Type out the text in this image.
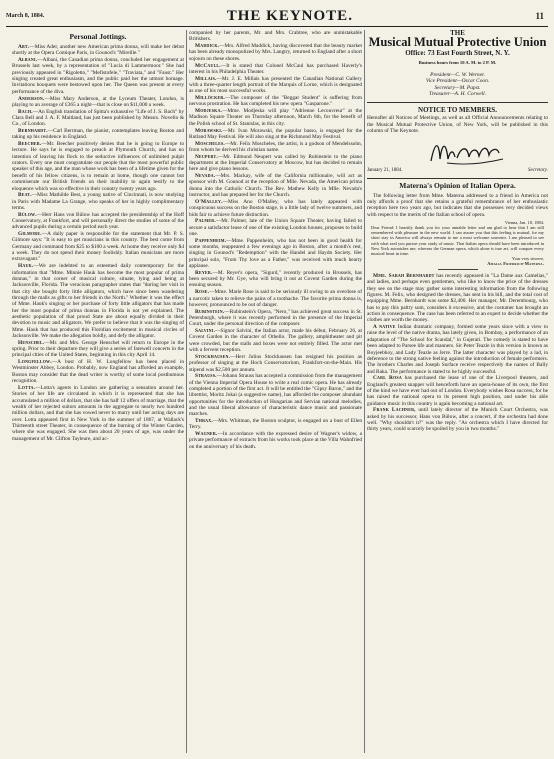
March 8, 1884.	THE KEYNOTE.	11
Personal Jottings.

Abt.—Miss Ader, another new American prima donna, will make her debut shortly at the Opera Comique Paris, in Gounod's "Mireille."

Albani.—Albani, the Canadian prima donna, concluded her engagement at Brussels last week, by a representation of "Lucia di Lammermoor." She had previously appeared in "Rigoletto," "Mefistofele," "Traviata," and "Faust." Her singing created great enthusiasm, and the public paid her the utmost homage. Invitations bouquets were bestowed upon her. The Queen was present at every performance of the diva.

Anderson.—Miss Mary Anderson, at the Lyceum Theater, London, is playing to an average of £365 a night—that is close on $11,000 a week.

Bach.—An English translation of Spitta's exhaustive "Life of J. S. Bach" by Clara Bell and J. A. F. Maitland, has just been published by Messrs. Novello & Co., of London.

Bernhardt.—Carl Berrman, the pianist, contemplates leaving Boston and taking up his residence in England.

Beecher.—Mr. Beecher positively denies that he is going to Europe to lecture. He says he is engaged to preach at Plymouth Church, and has no intention of leaving his flock to the seductive influences of unlimited pulpit orators. Every one must congratulate our people that the most powerful public speaker of this age, and the man whose work has been of a lifetime given for the benefit of his fellow citizens, is to remain at home, though one cannot but commiserate our British friends on their inability to again testify to the eloquence which was so effective in their country twenty years ago.

Beat.—Miss Mathilde Best, a young native of Cincinnati, is now studying in Paris with Madame La Grange, who speaks of her in highly complimentary terms.

Bülow.—Herr Hans von Bülow has accepted the presidentship of the Hoff Conservatory, at Frankfort, and will personally direct the studies of some of the advanced pupils during a certain period each year.

Gilmore.—A daily paper is responsible for the statement that Mr. P. S. Gilmore says: "It is easy to get musicians in this country. The best come from Germany and command from $25 to $100 a week. At home they receive only $4 a week. They do not spend their money foolishly. Italian musicians are more extravagant."

Hauk.—We are indebted to an esteemed daily contemporary for the information that "Mme. Minnie Hauk has become the most popular of prima donnas," in that corner of musical culture, situate, lying and being at Jacksonville, Florida. The veracious paragrapher states that "during her visit in that city she bought forty little alligators, which have since been wandering through the malls as gifts to her friends in the North." Whether it was the effect of Mme. Hauk's singing or her purchase of forty little alligators that has made her the most popular of prima donnas in Florida is not yet explained. The aesthetic population of that proud State are about equally divided in their devotion to music and alligators. We prefer to believe that it was the singing of Mme. Hauk that has produced this Floridian excitement in musical circles of Jacksonville. We make the allegation boldly, and defy the alligator.

Henschel.—Mr. and Mrs. George Henschel will return to Europe in the spring. Prior to their departure they will give a series of farewell concerts in the principal cities of the United States, beginning in this city April 14.

Longfellow.—A bust of H. W. Longfellow has been placed in Westminster Abbey, London. Probably, now England has afforded an example, Boston may consider that the dead writer is worthy of some local posthumous recognition.

Lotta.—Lotta's agents in London are gathering a sensation around her. Stories of her life are circulated in which it is represented that she has accumulated a million of dollars, that she has half 12 offers of marriage, that the wealth of her rejected suitors amounts in the aggregate to nearly two hundred million dollars, and that she has vowed never to marry until her acting days are over. Lotta appeared first in New York in the summer of 1867, at Wallack's Thirteenth street Theater, in consequence of the burning of the Winter Garden, where she was engaged. She was then about 20 years of age, was under the management of Mr. Clifton Tayleure, and ac-

companied by her parents, Mr. and Mrs. Crabtree, who are unmistakable Britishers.

Maddick.—Mrs. Alfred Maddick, having discovered that the beauty market has been already monopolized by Mrs. Langtry, returned to England after a short sojourn on these shores.

McCaull.—It is stated that Colonel McCaul has purchased Haverly's interest in his Philadelphia Theater.

Millais.—Mr. J. E. Millais has presented the Canadian National Gallery with a three-quarter length portrait of the Marquis of Lorne, which is designated as one of his most successful works.

Millöcker.—The composer of the "Beggar Student" is suffering from nervous prostration. He has completed his new opera "Gasparone."

Modjeska.—Mme. Modjeska will play "Adrienne Lecouvreur" at the Madison Square Theater on Thursday afternoon, March 6th, for the benefit of the Polish school of St. Stanislas, in this city.

Morawski.—Mr. Ivan Morawski, the popular basso, is engaged for the Rutland May Festival. He will also sing at the Richmond May Festival.

Moscheles.—Mr. Felix Moscheles, the artist, is a godson of Mendelssohn, from whom he derived his christian name.

Neupert.—Mr. Edmund Neupert was called by Rubinstein to the piano department at the Imperial Conservatory at Moscow, but has decided to remain here and give piano lessons.

Nevada.—Mrs. Mackay, wife of the California millionaire, will act as sponsor with M. Gounod at the reception of Mlle. Nevada, the American prima donna into the Catholic Church. The Rev. Mathew Kelly in Mlle. Nevada's instructor, and has prepared her for the Church.

O'Malley.—Miss Ano O'Malley, who has lately appeared with conspicuous success on the Boston stage, is a little lady of twelve summers, and bids fair to achieve future distinction.

Palmer.—Mr. Palmer, late of the Union Square Theater, having failed to secure a satisfactor lease of one of the existing London houses, proposes to build one.

Pappenheim.—Mme. Pappenheim, who has not been in good health for some months, reappeared a few evenings ago in Boston, after a month's rest, singing in Gounod's "Redemption" with the Handel and Haydn Society. Her principal solo, "From Thy love as a Father," was received with much hearty applause.

Reyer.—M. Reyer's opera, "Sigurd," recently produced in Brussels, has been secured by Mr. Gye, who will bring it out at Covent Garden during the ensuing season.

Rose.—Mme. Marie Rose is said to be seriously ill owing to an overdose of a narcotic taken to relieve the pains of a toothache. The favorite prima donna is, however, pronounced to be out of danger.

Rubinstein.—Rubinstein's Opera, "Nero," has achieved great success in St. Petersburgh, where it was recently performed in the presence of the Imperial Court, under the personal direction of the composer.

Salvini.—Signor Salvini, the Italian actor, made his début, February 26, at Covent Garden in the character of Othello. The gallery, amphitheater and pit were crowded, but the stalls and boxes were not entirely filled. The actor met with a fervent reception.

Stockhausen.—Herr Julius Stockhausen has resigned his position as professor of singing at the Hoch Conservatorium, Frankfort-on-the-Main. His stipend was $2,500 per annum.

Strauss.—Johann Strauss has accepted a commission from the management of the Vienna Imperial Opera House to write a real comic opera. He has already completed a portion of the first act. It will be entitled the "Gipsy Baron," and the librettist, Moritz Jokai (a suggestive name), has afforded the composer abundant opportunities for the introduction of Hungarian and Servian national melodies, and the usual liberal allowance of characteristic dance music and passionate marches.

Thrax.—Mrs. Whitman, the Boston sculptor, is engaged on a bust of Ellen Terry.

Wagner.—In accordance with the expressed desire of Wagner's widow, a private performance of extracts from his works took place at the Villa Wahnfried on the anniversary of his death.

THE
Musical Mutual Protective Union
Office: 73 East Fourth Street, N. Y.
Business hours from 10 A. M. to 2 P. M.
President—C. W. Werner.
Vice President—Oscar Coon.
Secretary—M. Papst.
Treasurer—A. H. Corwell.
NOTICE TO MEMBERS.

Hereafter all Notices of Meetings, as well as all Official Announcements relating to the Musical Mutual Protective Union, of New York, will be published in this column of The Keynote.

January 21, 1884.	Secretary.
Materna's Opinion of Italian Opera.

The following letter from Mme. Materna addressed to a friend in America not only affords a proof that she retains a grateful remembrance of her enthusiastic reception here two years ago, but indicates that she possesses very decided views with respect to the merits of the Italian school of opera.

Vienna, Jan. 18, 1884.
Dear Friend: I heartily thank you for your amiable letter and am glad to hear that I am still remembered with pleasure in the new world. I can assure you that this feeling is mutual, for my short stay in America will always remain to me a most welcome souvenir. I am pleased to see with what zeal you pursue your study of music. That Italian opera should have been introduced in New York astonishes me; whereas the German opera, which alone is true art, will conquer every musical heart in time.
Your very sincere,
Amalia Friedrich-Materna.

Mme. Sarah Bernhardt has recently appeared in "La Dame aux Camelias," and ladies, and perhaps even gentlemen, who like to know the price of the dresses they see on the stage may gather some interesting information from the following figures. M. Felix, who designed the dresses, has sent in his bill, and the total cost of equipping Mme. Bernhardt was some $2,400. Her manager, Mr. Derembourg, who has to pay this paltry sum, considers it excessive, and the costumer has brought an action in consequence. The case has been referred to an expert to decide whether the clothes are worth the money.

A native Indian dramatic company, formed some years since with a view to raise the level of the native drama, has lately given, in Bombay, a performance of an adaptation of "The School for Scandal," in Gujerati. The comedy is stated to have been adapted to Parsee life and manners. Sir Peter Teazle in this version is known as Boyjeebhoy, and Lady Teazle as Jerre. The latter character was played by a lad, in deference to the strong native feeling against the introduction of female performers. The brothers Charles and Joseph Surface receive respectively the names of Bally and Baka. The performance is stated to be highly successful.

Carl Rosa has purchased the lease of one of the Liverpool theaters, and England's greatest snapper will henceforth have an opera-house of its own, the first of the kind we have ever had out of London. Everybody wishes Rosa success, for he has raised the national opera to its present high position, and under his able guidance music in this country is again becoming a national art.

Frank Lachner, until lately director of the Munich Court Orchestra, was asked by his successor, Hans von Bülow, after a concert, if the orchestra had done well. "Why shouldn't it?" was the reply. "As orchestra which I have directed for thirty years, could scarcely be spoiled by you in two months."
